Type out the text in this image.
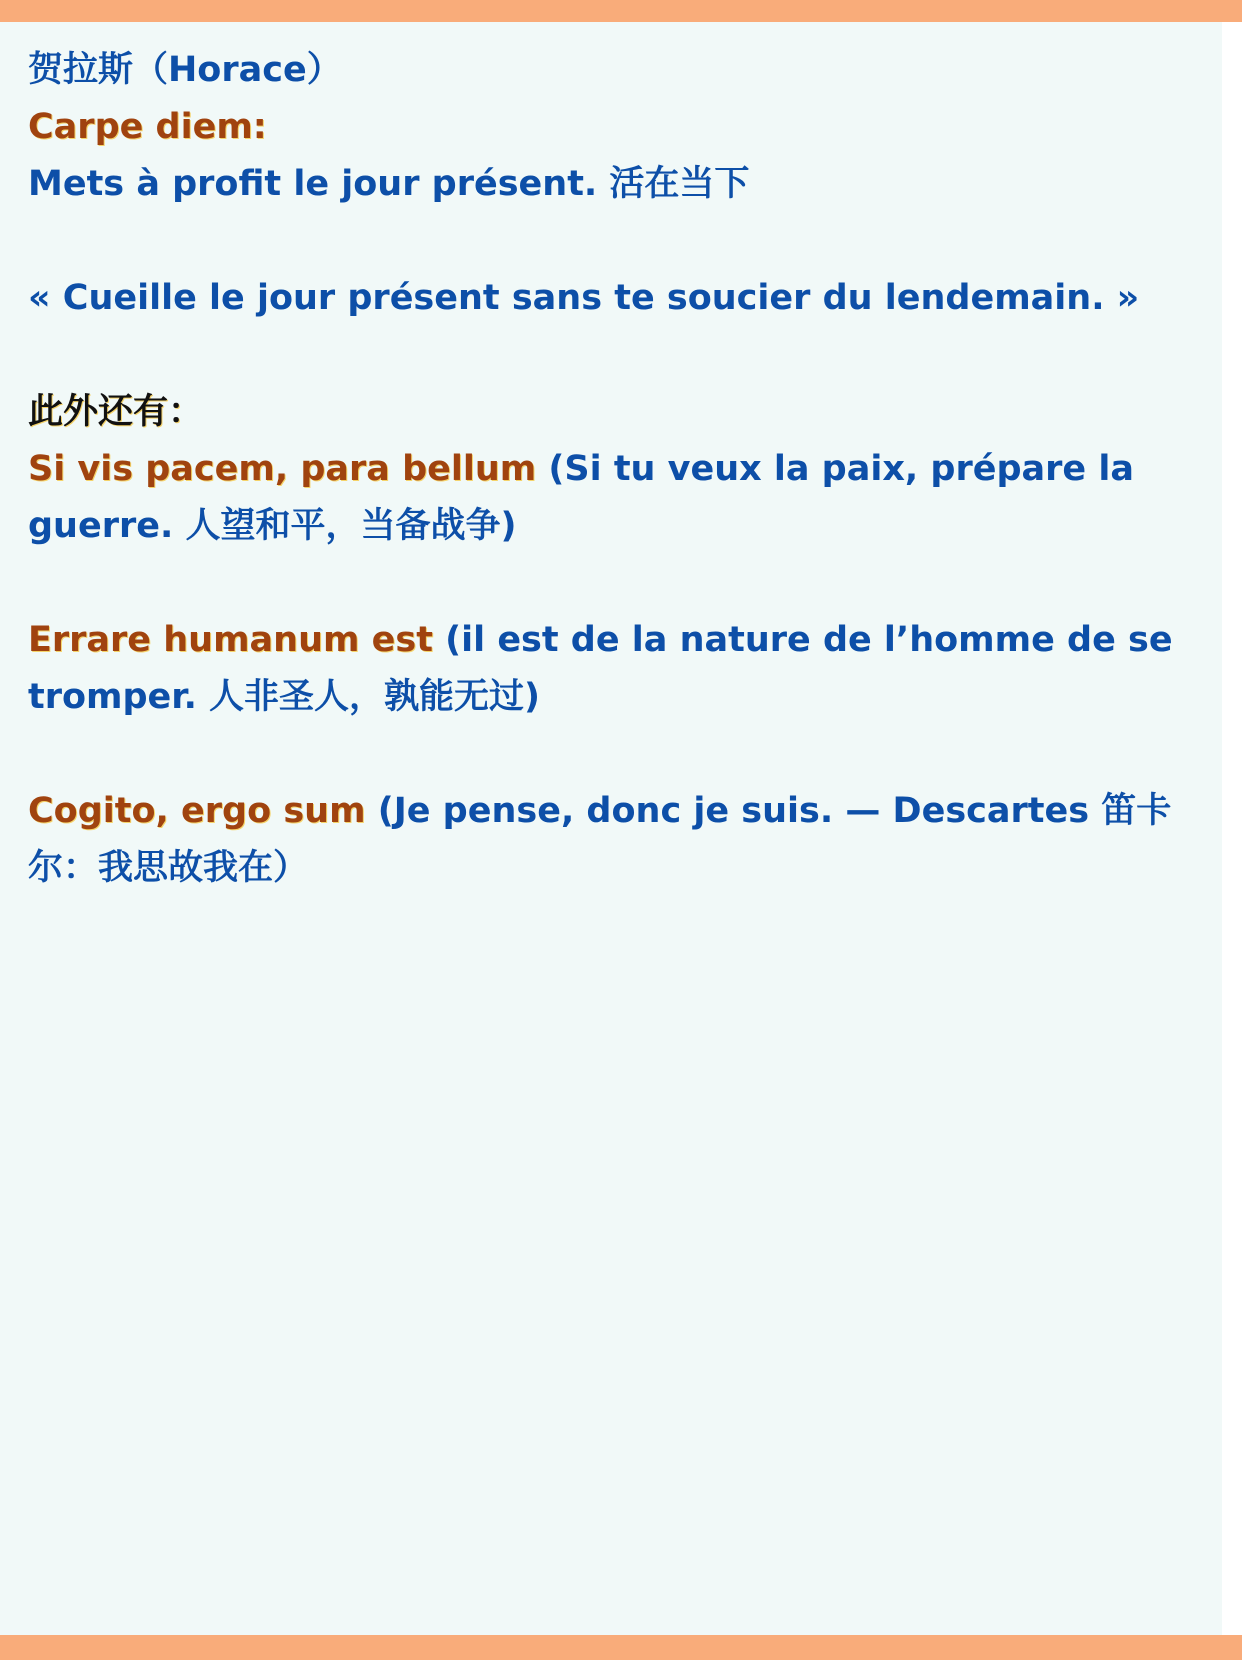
贺拉斯（Horace）

Carpe diem:

Mets à profit le jour présent. 活在当下

« Cueille le jour présent sans te soucier du lendemain. »

此外还有：

Si vis pacem, para bellum (Si tu veux la paix, prépare la guerre. 人望和平，当备战争)

Errare humanum est (il est de la nature de l’homme de se tromper. 人非圣人，孰能无过)

Cogito, ergo sum (Je pense, donc je suis. — Descartes 笛卡尔：我思故我在）
